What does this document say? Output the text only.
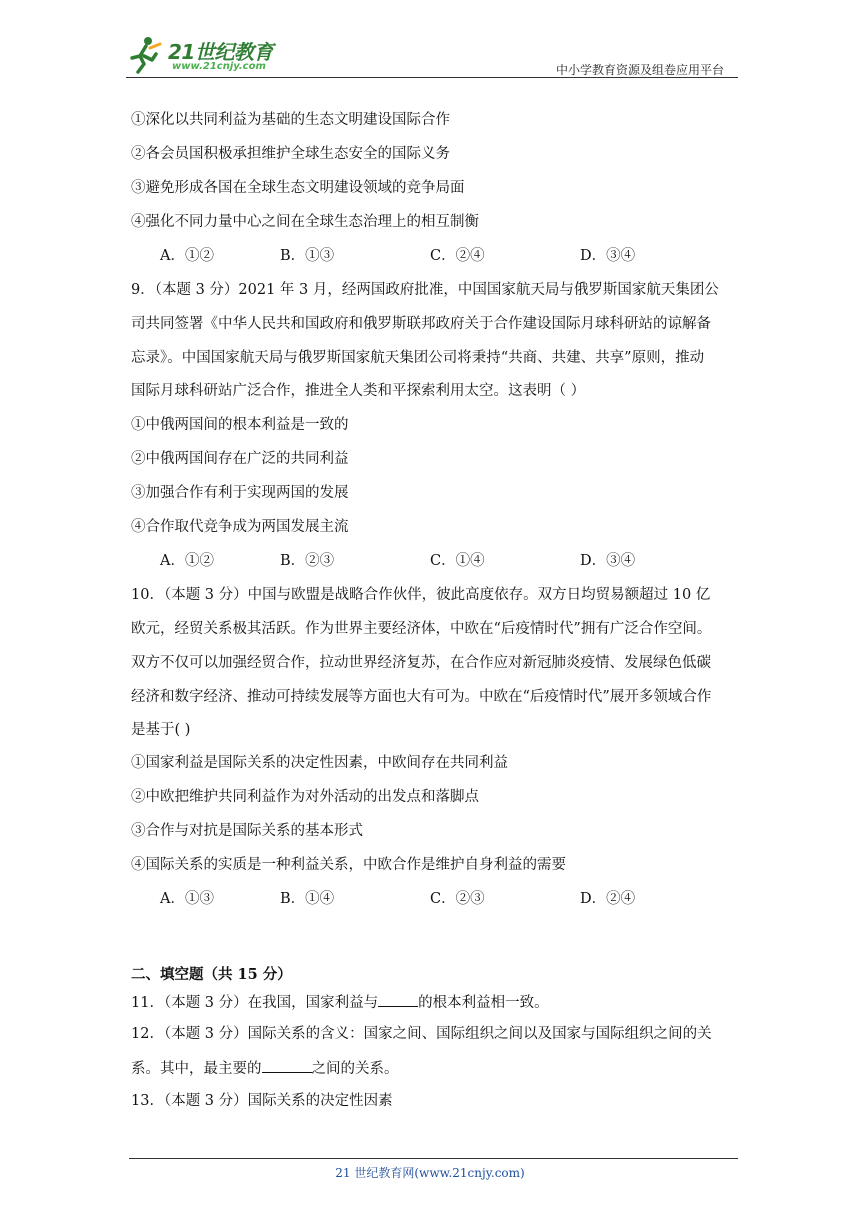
21世纪教育
www.21cnjy.com	中小学教育资源及组卷应用平台
①深化以共同利益为基础的生态文明建设国际合作
②各会员国积极承担维护全球生态安全的国际义务
③避免形成各国在全球生态文明建设领域的竞争局面
④强化不同力量中心之间在全球生态治理上的相互制衡
A．①②	B．①③	C．②④	D．③④
9．（本题 3 分）2021 年 3 月，经两国政府批准，中国国家航天局与俄罗斯国家航天集团公
司共同签署《中华人民共和国政府和俄罗斯联邦政府关于合作建设国际月球科研站的谅解备
忘录》。中国国家航天局与俄罗斯国家航天集团公司将秉持“共商、共建、共享”原则，推动
国际月球科研站广泛合作，推进全人类和平探索利用太空。这表明（ ）
①中俄两国间的根本利益是一致的
②中俄两国间存在广泛的共同利益
③加强合作有利于实现两国的发展
④合作取代竞争成为两国发展主流
A．①②	B．②③	C．①④	D．③④
10．（本题 3 分）中国与欧盟是战略合作伙伴，彼此高度依存。双方日均贸易额超过 10 亿
欧元，经贸关系极其活跃。作为世界主要经济体，中欧在“后疫情时代”拥有广泛合作空间。
双方不仅可以加强经贸合作，拉动世界经济复苏，在合作应对新冠肺炎疫情、发展绿色低碳
经济和数字经济、推动可持续发展等方面也大有可为。中欧在“后疫情时代”展开多领域合作
是基于( )
①国家利益是国际关系的决定性因素，中欧间存在共同利益
②中欧把维护共同利益作为对外活动的出发点和落脚点
③合作与对抗是国际关系的基本形式
④国际关系的实质是一种利益关系，中欧合作是维护自身利益的需要
A．①③	B．①④	C．②③	D．②④
二、填空题（共 15 分）
11．（本题 3 分）在我国，国家利益与	的根本利益相一致。
12．（本题 3 分）国际关系的含义：国家之间、国际组织之间以及国家与国际组织之间的关
系。其中，最主要的	之间的关系。
13．（本题 3 分）国际关系的决定性因素
21 世纪教育网(www.21cnjy.com)
